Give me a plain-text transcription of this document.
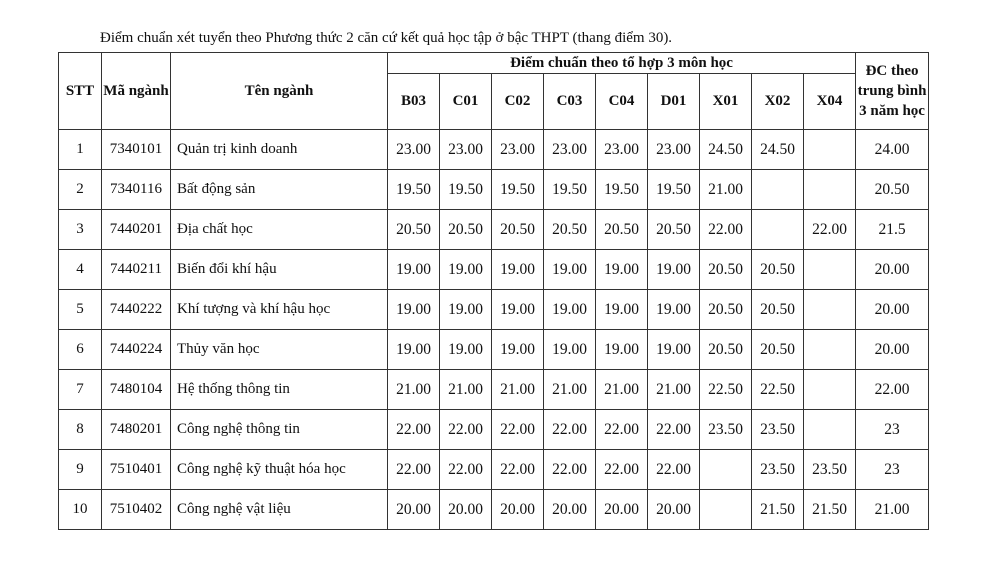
Điểm chuẩn xét tuyển theo Phương thức 2 căn cứ kết quả học tập ở bậc THPT (thang điểm 30).
STT	Mã ngành	Tên ngành	Điểm chuẩn theo tổ hợp 3 môn học									ĐC theo trung bình 3 năm học
			B03	C01	C02	C03	C04	D01	X01	X02	X04	
1	7340101	Quản trị kinh doanh	23.00	23.00	23.00	23.00	23.00	23.00	24.50	24.50		24.00
2	7340116	Bất động sản	19.50	19.50	19.50	19.50	19.50	19.50	21.00			20.50
3	7440201	Địa chất học	20.50	20.50	20.50	20.50	20.50	20.50	22.00		22.00	21.5
4	7440211	Biến đổi khí hậu	19.00	19.00	19.00	19.00	19.00	19.00	20.50	20.50		20.00
5	7440222	Khí tượng và khí hậu học	19.00	19.00	19.00	19.00	19.00	19.00	20.50	20.50		20.00
6	7440224	Thủy văn học	19.00	19.00	19.00	19.00	19.00	19.00	20.50	20.50		20.00
7	7480104	Hệ thống thông tin	21.00	21.00	21.00	21.00	21.00	21.00	22.50	22.50		22.00
8	7480201	Công nghệ thông tin	22.00	22.00	22.00	22.00	22.00	22.00	23.50	23.50		23
9	7510401	Công nghệ kỹ thuật hóa học	22.00	22.00	22.00	22.00	22.00	22.00		23.50	23.50	23
10	7510402	Công nghệ vật liệu	20.00	20.00	20.00	20.00	20.00	20.00		21.50	21.50	21.00
